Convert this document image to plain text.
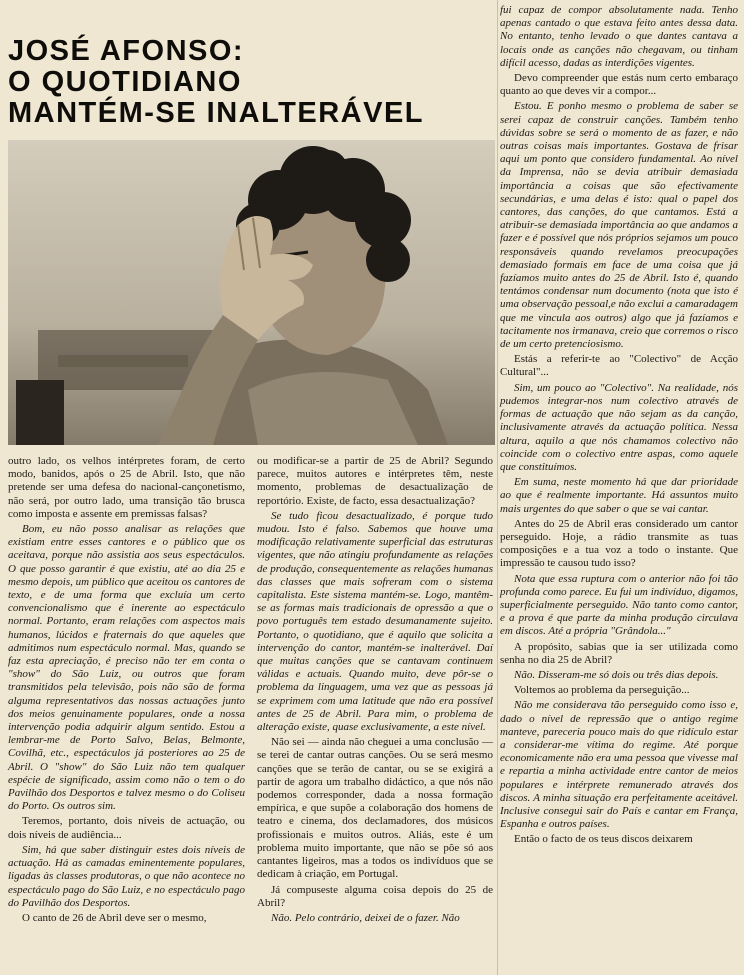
JOSÉ AFONSO:
O QUOTIDIANO
MANTÉM-SE INALTERÁVEL

outro lado, os velhos intérpretes foram, de certo modo, banidos, após o 25 de Abril. Isto, que não pretende ser uma defesa do nacional-cançonetismo, não será, por outro lado, uma transição tão brusca como imposta e assente em premissas falsas?

Bom, eu não posso analisar as relações que existiam entre esses cantores e o público que os aceitava, porque não assistia aos seus espectáculos. O que posso garantir é que existiu, até ao dia 25 e mesmo depois, um público que aceitou os cantores de texto, e de uma forma que excluía um certo convencionalismo que é inerente ao espectáculo normal. Portanto, eram relações com aspectos mais humanos, lúcidos e fraternais do que aqueles que admitimos num espectáculo normal. Mas, quando se faz esta apreciação, é preciso não ter em conta o "show" do São Luiz, ou outros que foram transmitidos pela televisão, pois não são de forma alguma representativos das nossas actuações junto dos meios genuinamente populares, onde a nossa intervenção podia adquirir algum sentido. Estou a lembrar-me de Porto Salvo, Belas, Belmonte, Covilhã, etc., espectáculos já posteriores ao 25 de Abril. O "show" do São Luiz não tem qualquer espécie de significado, assim como não o tem o do Pavilhão dos Desportos e talvez mesmo o do Coliseu do Porto. Os outros sim.

Teremos, portanto, dois níveis de actuação, ou dois níveis de audiência...

Sim, há que saber distinguir estes dois níveis de actuação. Há as camadas eminentemente populares, ligadas às classes produtoras, o que não acontece no espectáculo pago do São Luiz, e no espectáculo pago do Pavilhão dos Desportos.

O canto de 26 de Abril deve ser o mesmo,

ou modificar-se a partir de 25 de Abril? Segundo parece, muitos autores e intérpretes têm, neste momento, problemas de desactualização de reportório. Existe, de facto, essa desactualização?

Se tudo ficou desactualizado, é porque tudo mudou. Isto é falso. Sabemos que houve uma modificação relativamente superficial das estruturas vigentes, que não atingiu profundamente as relações de produção, consequentemente as relações humanas das classes que mais sofreram com o sistema capitalista. Este sistema mantém-se. Logo, mantêm-se as formas mais tradicionais de opressão a que o povo português tem estado desumanamente sujeito. Portanto, o quotidiano, que é aquilo que solicita a intervenção do cantor, mantém-se inalterável. Daí que muitas canções que se cantavam continuem válidas e actuais. Quando muito, deve pôr-se o problema da linguagem, uma vez que as pessoas já se exprimem com uma latitude que não era possível antes de 25 de Abril. Para mim, o problema de alteração existe, quase exclusivamente, a este nível.

Não sei — ainda não cheguei a uma conclusão — se terei de cantar outras canções. Ou se será mesmo canções que se terão de cantar, ou se se exigirá a partir de agora um trabalho didáctico, a que nós não podemos corresponder, dada a nossa formação empírica, e que supõe a colaboração dos homens de teatro e cinema, dos declamadores, dos músicos profissionais e muitos outros. Aliás, este é um problema muito importante, que não se põe só aos cantantes ligeiros, mas a todos os indivíduos que se dedicam à criação, em Portugal.

Já compuseste alguma coisa depois do 25 de Abril?

Não. Pelo contrário, deixei de o fazer. Não

fui capaz de compor absolutamente nada. Tenho apenas cantado o que estava feito antes dessa data. No entanto, tenho levado o que dantes cantava a locais onde as canções não chegavam, ou tinham difícil acesso, dadas as interdições vigentes.

Devo compreender que estás num certo embaraço quanto ao que deves vir a compor...

Estou. E ponho mesmo o problema de saber se serei capaz de construir canções. Também tenho dúvidas sobre se será o momento de as fazer, e não outras coisas mais importantes. Gostava de frisar aqui um ponto que considero fundamental. Ao nível da Imprensa, não se devia atribuir demasiada importância a coisas que são efectivamente secundárias, e uma delas é isto: qual o papel dos cantores, das canções, do que cantamos. Está a atribuir-se demasiada importância ao que andamos a fazer e é possível que nós próprios sejamos um pouco responsáveis quando revelamos preocupações demasiado formais em face de uma coisa que já fazíamos muito antes do 25 de Abril. Isto é, quando tentámos condensar num documento (nota que isto é uma observação pessoal,e não exclui a camaradagem que me vincula aos outros) algo que já fazíamos e tacitamente nos irmanava, creio que corremos o risco de um certo pretenciosismo.

Estás a referir-te ao "Colectivo" de Acção Cultural"...

Sim, um pouco ao "Colectivo". Na realidade, nós pudemos integrar-nos num colectivo através de formas de actuação que não sejam as da canção, inclusivamente através da actuação política. Nessa altura, aquilo a que nós chamamos colectivo não coincide com o colectivo entre aspas, como aquele que constituímos.

Em suma, neste momento há que dar prioridade ao que é realmente importante. Há assuntos muito mais urgentes do que saber o que se vai cantar.

Antes do 25 de Abril eras considerado um cantor perseguido. Hoje, a rádio transmite as tuas composições e a tua voz a todo o instante. Que impressão te causou tudo isso?

Nota que essa ruptura com o anterior não foi tão profunda como parece. Eu fui um indivíduo, digamos, superficialmente perseguido. Não tanto como cantor, e a prova é que parte da minha produção circulava em discos. Até a própria "Grândola..."

A propósito, sabias que ia ser utilizada como senha no dia 25 de Abril?

Não. Disseram-me só dois ou três dias depois.

Voltemos ao problema da perseguição...

Não me considerava tão perseguido como isso e, dado o nível de repressão que o antigo regime manteve, pareceria pouco mais do que ridículo estar a considerar-me vítima do regime. Até porque economicamente não era uma pessoa que vivesse mal e repartia a minha actividade entre cantor de meios populares e intérprete remunerado através dos discos. A minha situação era perfeitamente aceitável. Inclusive consegui sair do País e cantar em França, Espanha e outros países.

Então o facto de os teus discos deixarem
